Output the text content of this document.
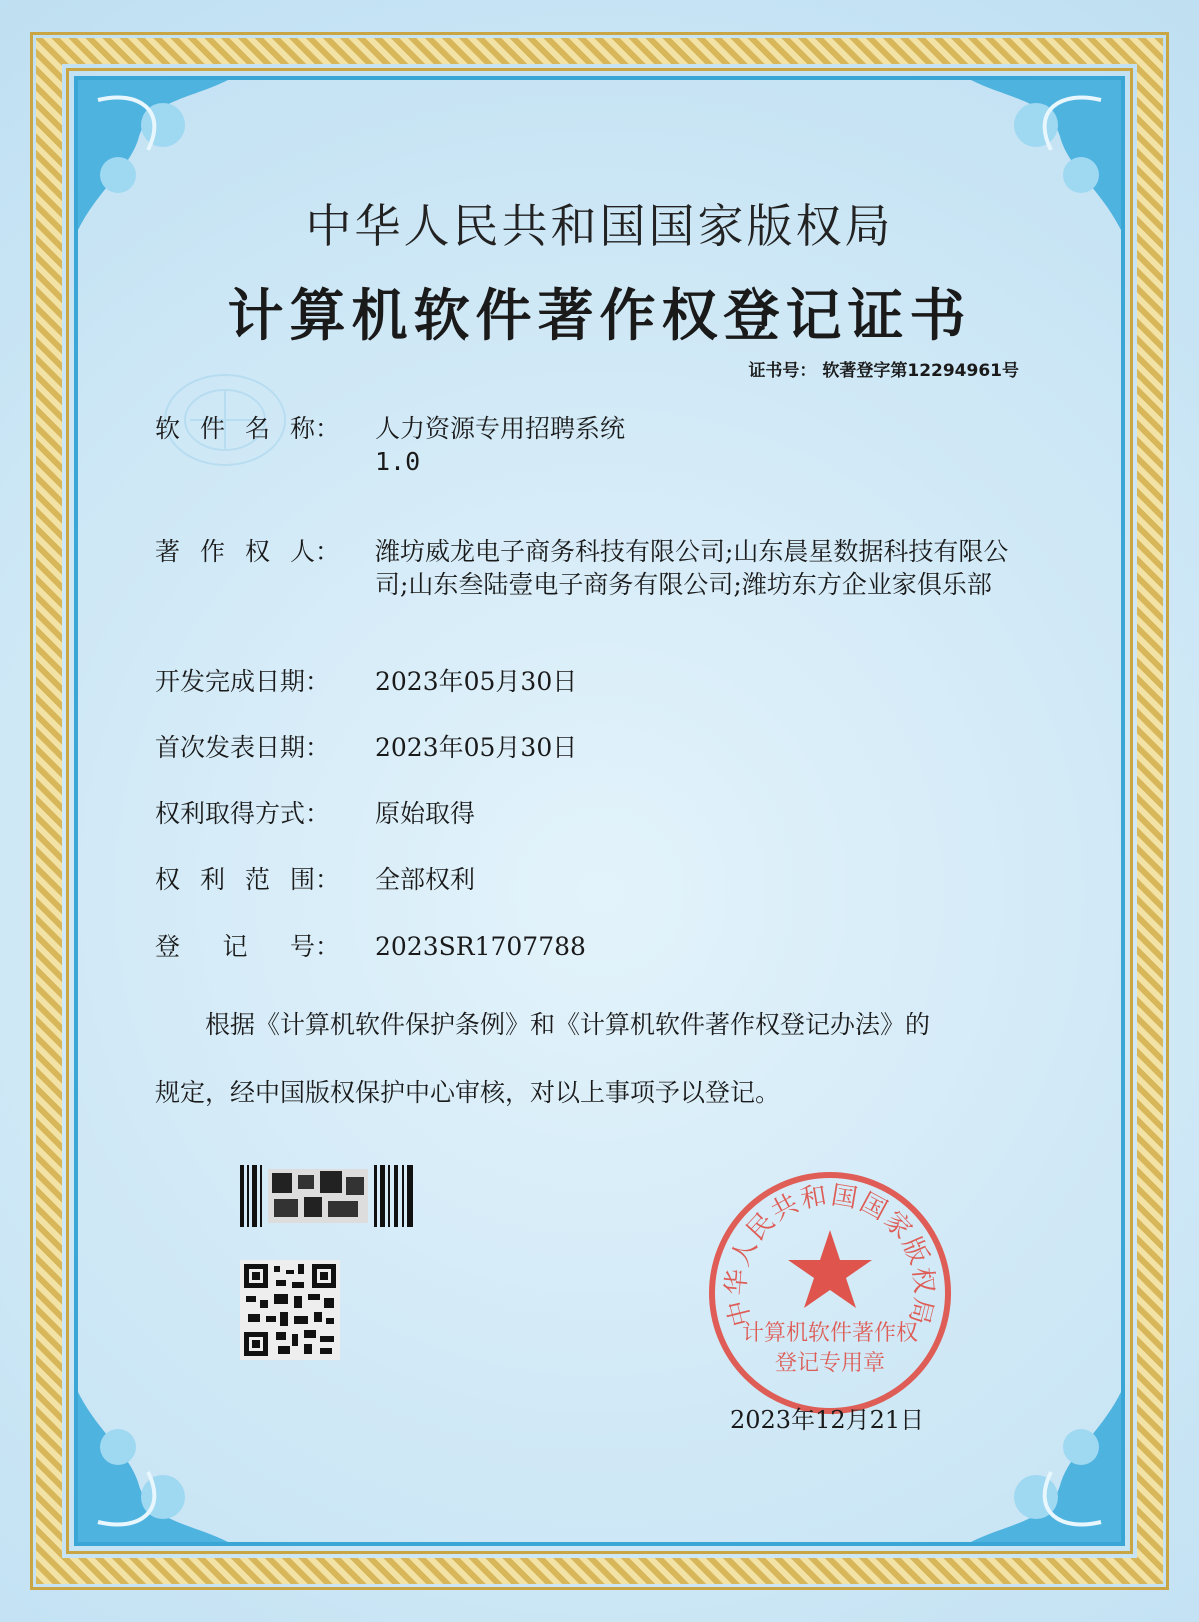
中华人民共和国国家版权局
计算机软件著作权登记证书
证书号： 软著登字第12294961号
软 件 名 称： 人力资源专用招聘系统
1.0
著 作 权 人： 潍坊威龙电子商务科技有限公司;山东晨星数据科技有限公司;山东叁陆壹电子商务有限公司;潍坊东方企业家俱乐部
开发完成日期： 2023年05月30日
首次发表日期： 2023年05月30日
权利取得方式： 原始取得
权 利 范 围： 全部权利
登 记 号： 2023SR1707788
根据《计算机软件保护条例》和《计算机软件著作权登记办法》的
规定，经中国版权保护中心审核，对以上事项予以登记。
中华人民共和国国家版权局
计算机软件著作权
登记专用章
2023年12月21日
